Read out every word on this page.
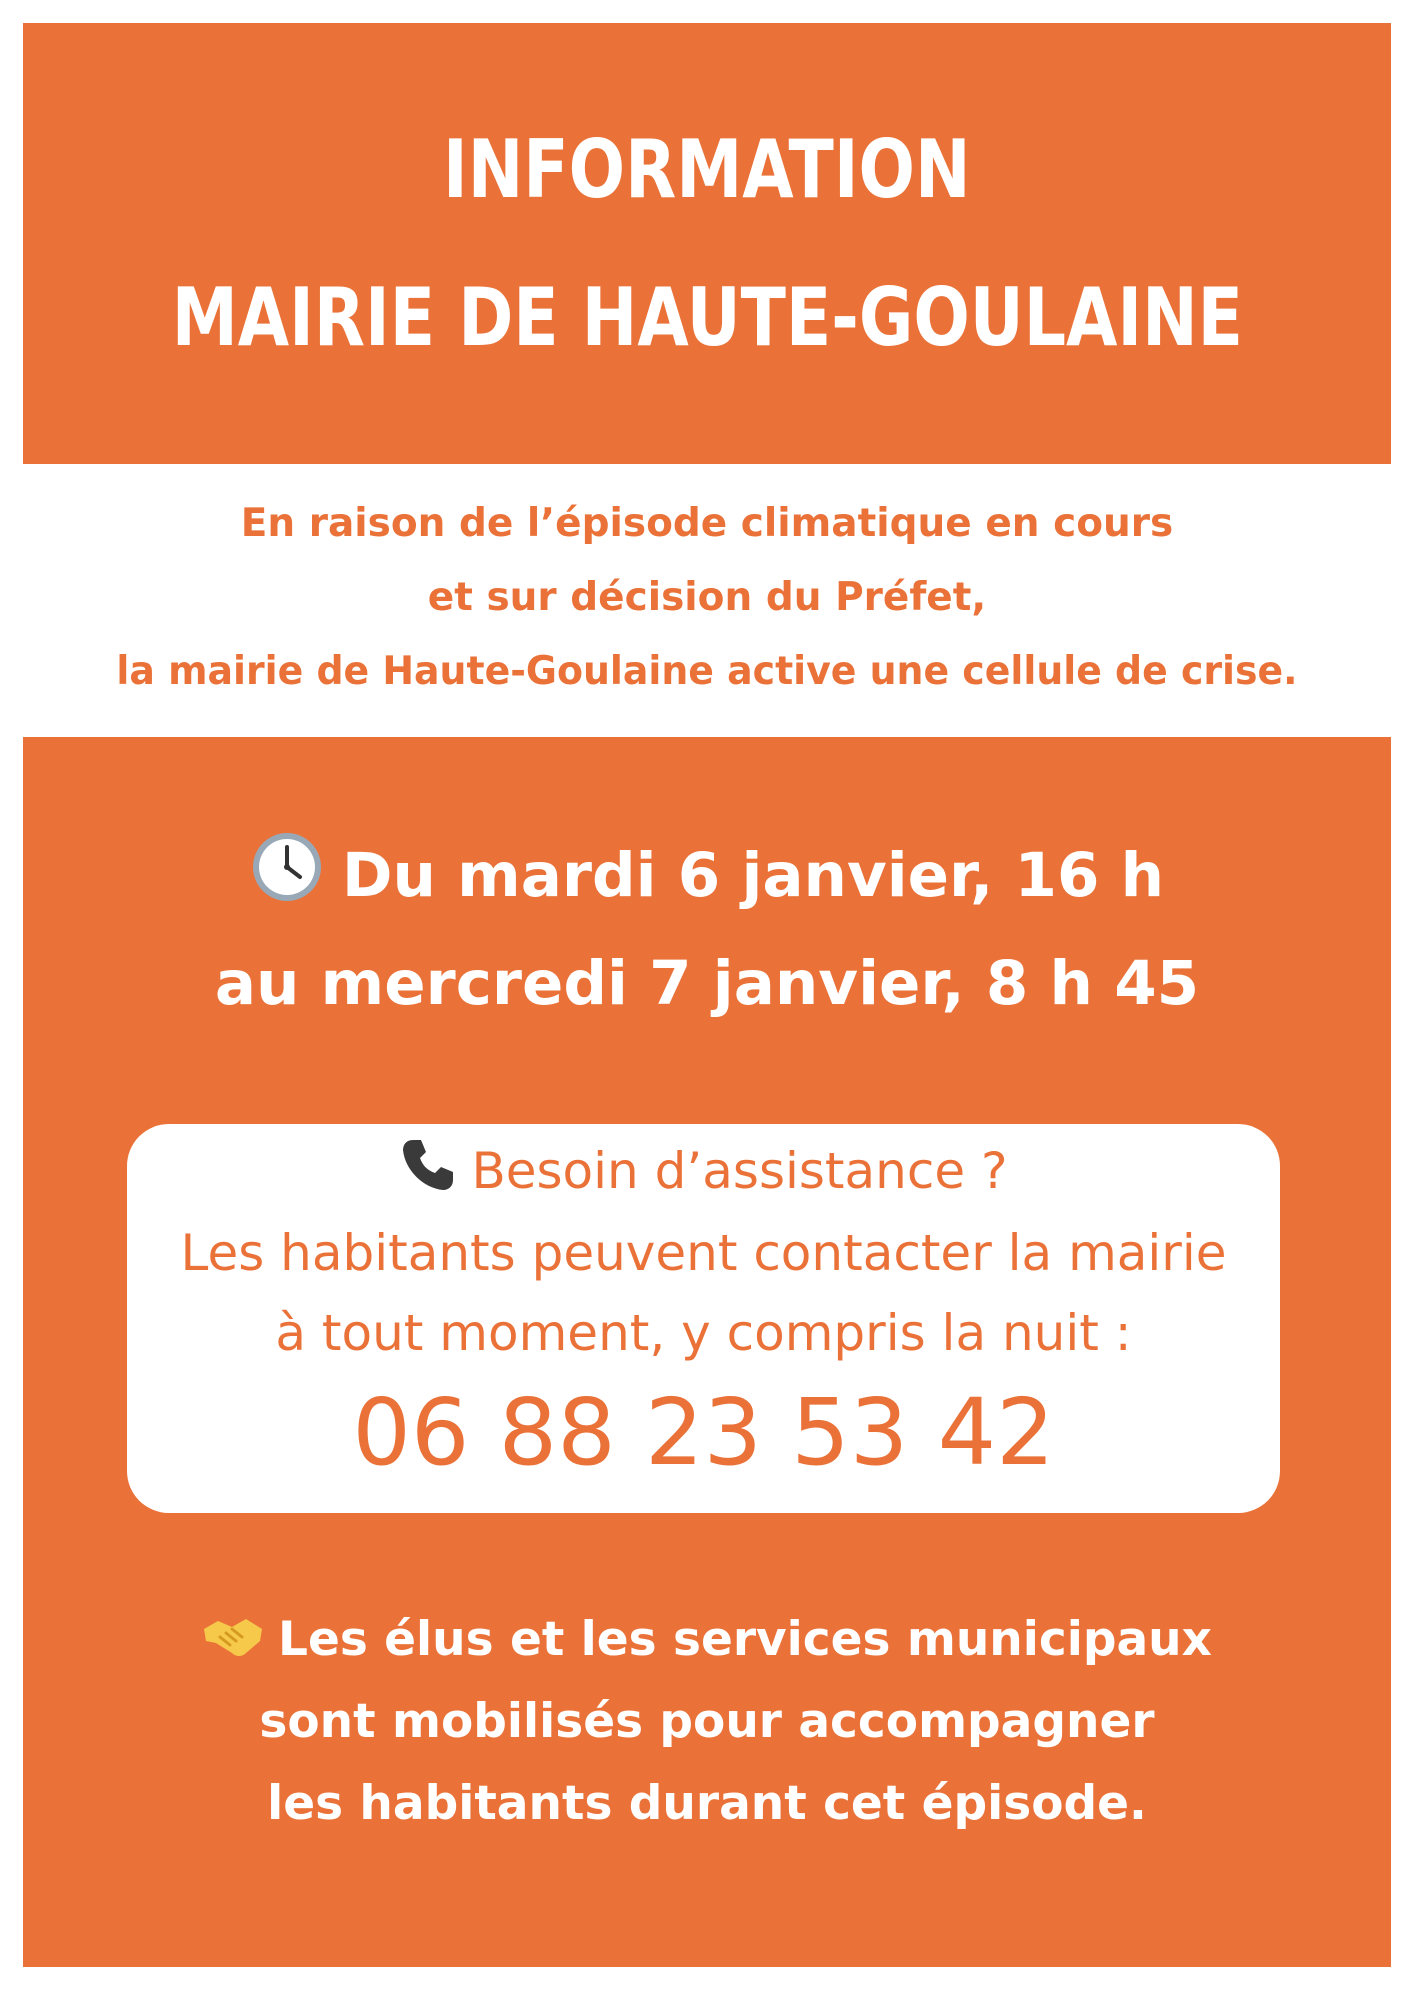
INFORMATION
MAIRIE DE HAUTE-GOULAINE
En raison de l’épisode climatique en cours
et sur décision du Préfet,
la mairie de Haute-Goulaine active une cellule de crise.
Du mardi 6 janvier, 16 h
au mercredi 7 janvier, 8 h 45
Besoin d’assistance ?
Les habitants peuvent contacter la mairie
à tout moment, y compris la nuit :
06 88 23 53 42
Les élus et les services municipaux
sont mobilisés pour accompagner
les habitants durant cet épisode.
